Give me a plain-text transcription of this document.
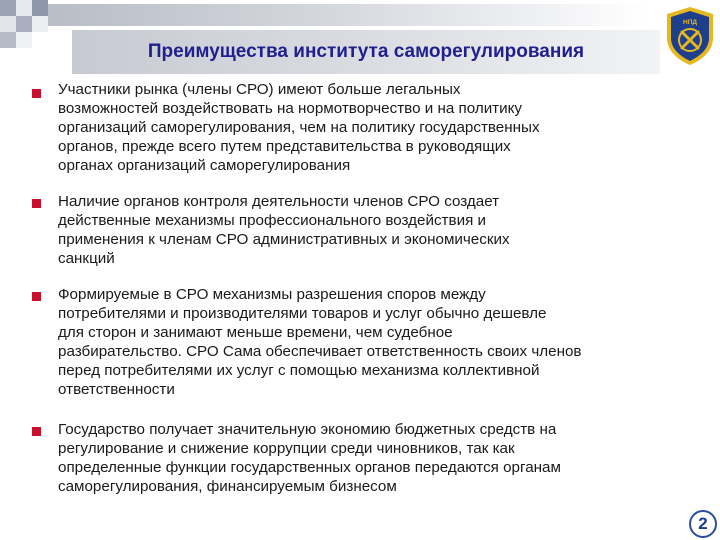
Преимущества института саморегулирования
НПД
Участники рынка (члены СРО) имеют больше легальных
возможностей воздействовать на нормотворчество и на политику
организаций саморегулирования, чем на политику государственных
органов, прежде всего путем представительства в руководящих
органах организаций саморегулирования
Наличие органов контроля деятельности членов СРО создает
действенные механизмы профессионального воздействия и
применения к членам СРО административных и экономических
санкций
Формируемые в СРО механизмы разрешения споров между
потребителями и производителями товаров и услуг обычно дешевле
для сторон и занимают меньше времени, чем судебное
разбирательство. СРО Сама обеспечивает ответственность своих членов
перед потребителями их услуг с помощью механизма коллективной
ответственности
Государство получает значительную экономию бюджетных средств на
регулирование и снижение коррупции среди чиновников, так как
определенные функции государственных органов передаются органам
саморегулирования, финансируемым бизнесом
2
